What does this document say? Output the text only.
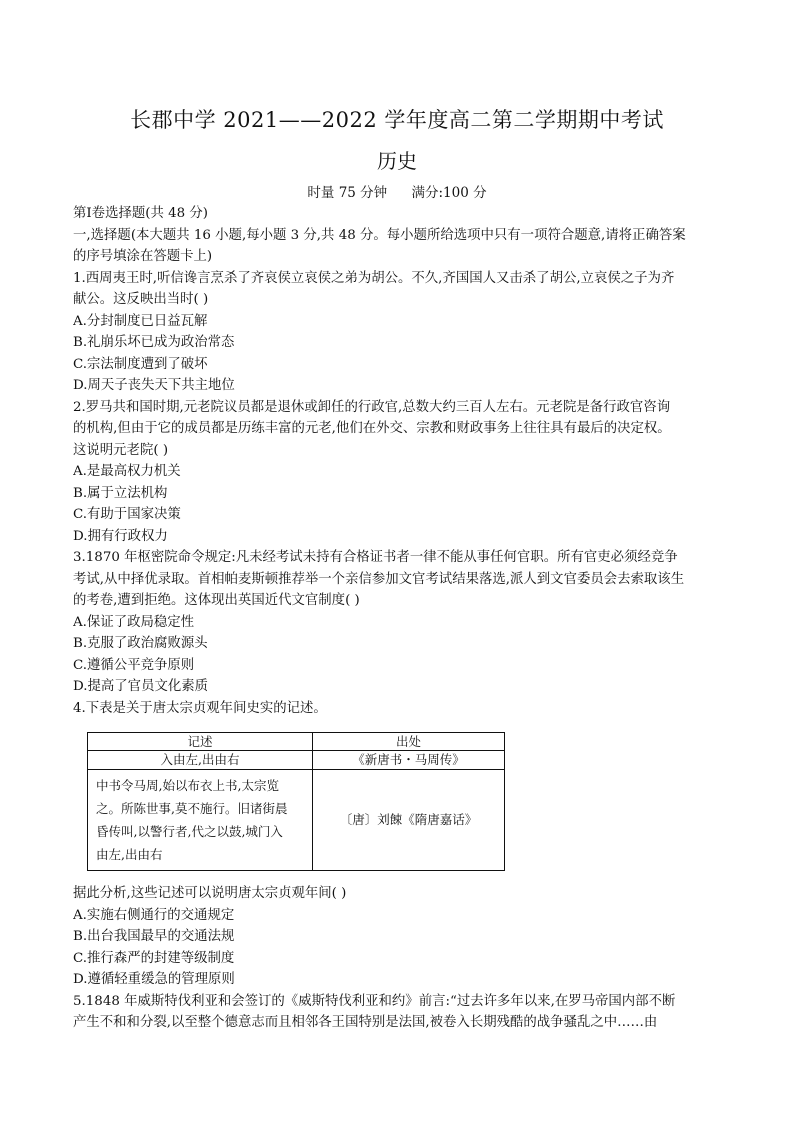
长郡中学 2021——2022 学年度高二第二学期期中考试
历史
时量 75 分钟 满分:100 分
第Ⅰ卷选择题(共 48 分)
一,选择题(本大题共 16 小题,每小题 3 分,共 48 分。每小题所给选项中只有一项符合题意,请将正确答案
的序号填涂在答题卡上)
1.西周夷王时,听信谗言烹杀了齐哀侯立哀侯之弟为胡公。不久,齐国国人又击杀了胡公,立哀侯之子为齐
献公。这反映出当时( )
A.分封制度已日益瓦解
B.礼崩乐坏已成为政治常态
C.宗法制度遭到了破坏
D.周天子丧失天下共主地位
2.罗马共和国时期,元老院议员都是退休或卸任的行政官,总数大约三百人左右。元老院是备行政官咨询
的机构,但由于它的成员都是历练丰富的元老,他们在外交、宗教和财政事务上往往具有最后的决定权。
这说明元老院( )
A.是最高权力机关
B.属于立法机构
C.有助于国家决策
D.拥有行政权力
3.1870 年枢密院命令规定:凡未经考试未持有合格证书者一律不能从事任何官职。所有官吏必须经竞争
考试,从中择优录取。首相帕麦斯顿推荐举一个亲信参加文官考试结果落选,派人到文官委员会去索取该生
的考卷,遭到拒绝。这体现出英国近代文官制度( )
A.保证了政局稳定性
B.克服了政治腐败源头
C.遵循公平竞争原则
D.提高了官员文化素质
4.下表是关于唐太宗贞观年间史实的记述。
记述	出处
入由左,出由右	《新唐书・马周传》

中书令马周,始以布衣上书,太宗览
之。所陈世事,莫不施行。旧诸街晨
昏传叫,以警行者,代之以鼓,城门入
由左,出由右	〔唐〕刘餗《隋唐嘉话》
据此分析,这些记述可以说明唐太宗贞观年间( )
A.实施右侧通行的交通规定
B.出台我国最早的交通法规
C.推行森严的封建等级制度
D.遵循轻重缓急的管理原则
5.1848 年威斯特伐利亚和会签订的《威斯特伐利亚和约》前言:“过去许多年以来,在罗马帝国内部不断
产生不和和分裂,以至整个德意志而且相邻各王国特别是法国,被卷入长期残酷的战争骚乱之中……由
